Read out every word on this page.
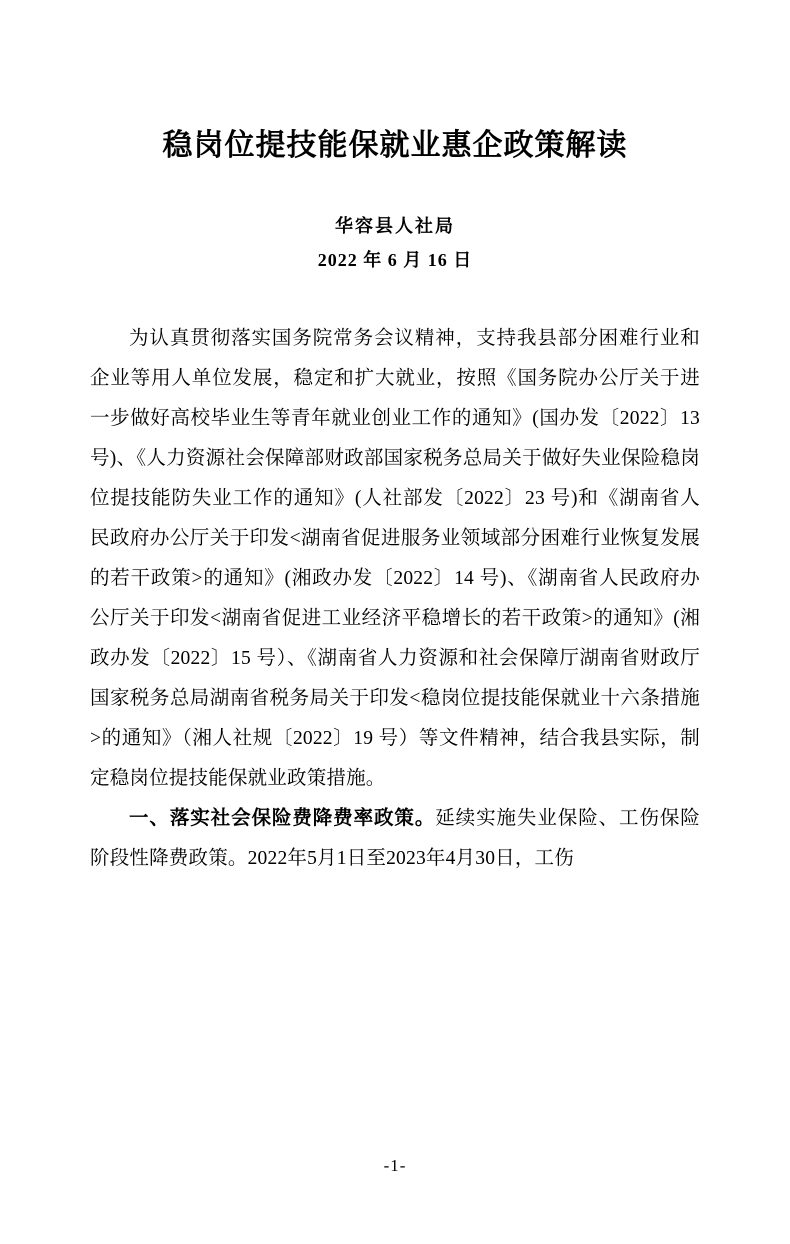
稳岗位提技能保就业惠企政策解读
华容县人社局
2022 年 6 月 16 日

为认真贯彻落实国务院常务会议精神，支持我县部分困难行业和企业等用人单位发展，稳定和扩大就业，按照《国务院办公厅关于进一步做好高校毕业生等青年就业创业工作的通知》(国办发〔2022〕13 号)、《人力资源社会保障部财政部国家税务总局关于做好失业保险稳岗位提技能防失业工作的通知》(人社部发〔2022〕23 号)和《湖南省人民政府办公厅关于印发<湖南省促进服务业领域部分困难行业恢复发展的若干政策>的通知》(湘政办发〔2022〕14 号)、《湖南省人民政府办公厅关于印发<湖南省促进工业经济平稳增长的若干政策>的通知》(湘政办发〔2022〕15 号）、《湖南省人力资源和社会保障厅湖南省财政厅国家税务总局湖南省税务局关于印发<稳岗位提技能保就业十六条措施>的通知》（湘人社规〔2022〕19 号）等文件精神，结合我县实际，制定稳岗位提技能保就业政策措施。

一、落实社会保险费降费率政策。延续实施失业保险、工伤保险阶段性降费政策。2022年5月1日至2023年4月30日，工伤

-1-
